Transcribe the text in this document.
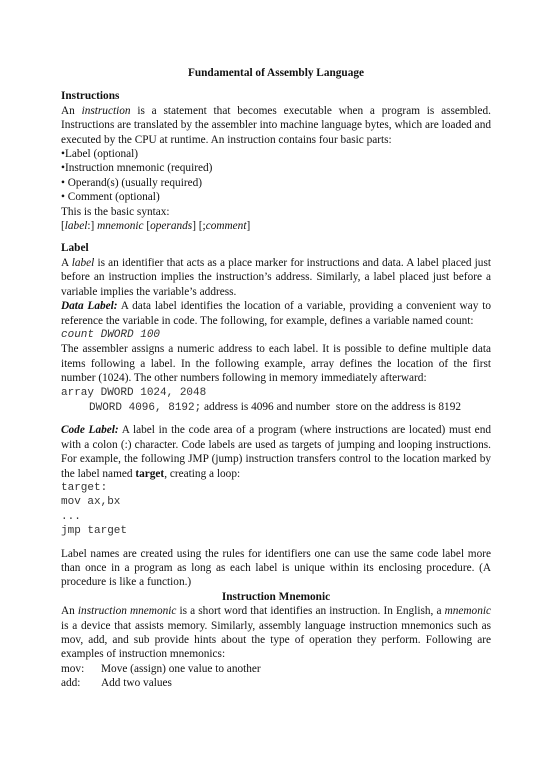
Fundamental of Assembly Language

Instructions

An instruction is a statement that becomes executable when a program is assembled. Instructions are translated by the assembler into machine language bytes, which are loaded and executed by the CPU at runtime. An instruction contains four basic parts:

•Label (optional)

•Instruction mnemonic (required)

• Operand(s) (usually required)

• Comment (optional)

This is the basic syntax:

[label:] mnemonic [operands] [;comment]

Label

A label is an identifier that acts as a place marker for instructions and data. A label placed just before an instruction implies the instruction’s address. Similarly, a label placed just before a variable implies the variable’s address.

Data Label: A data label identifies the location of a variable, providing a convenient way to reference the variable in code. The following, for example, defines a variable named count:

count DWORD 100

The assembler assigns a numeric address to each label. It is possible to define multiple data items following a label. In the following example, array defines the location of the first number (1024). The other numbers following in memory immediately afterward:

array DWORD 1024, 2048

DWORD 4096, 8192; address is 4096 and number  store on the address is 8192

Code Label: A label in the code area of a program (where instructions are located) must end with a colon (:) character. Code labels are used as targets of jumping and looping instructions. For example, the following JMP (jump) instruction transfers control to the location marked by the label named target, creating a loop:

target:

mov ax,bx

...

jmp target

Label names are created using the rules for identifiers one can use the same code label more than once in a program as long as each label is unique within its enclosing procedure. (A procedure is like a function.)

Instruction Mnemonic

An instruction mnemonic is a short word that identifies an instruction. In English, a mnemonic is a device that assists memory. Similarly, assembly language instruction mnemonics such as mov, add, and sub provide hints about the type of operation they perform. Following are examples of instruction mnemonics:

mov:	Move (assign) one value to another
add:	Add two values
